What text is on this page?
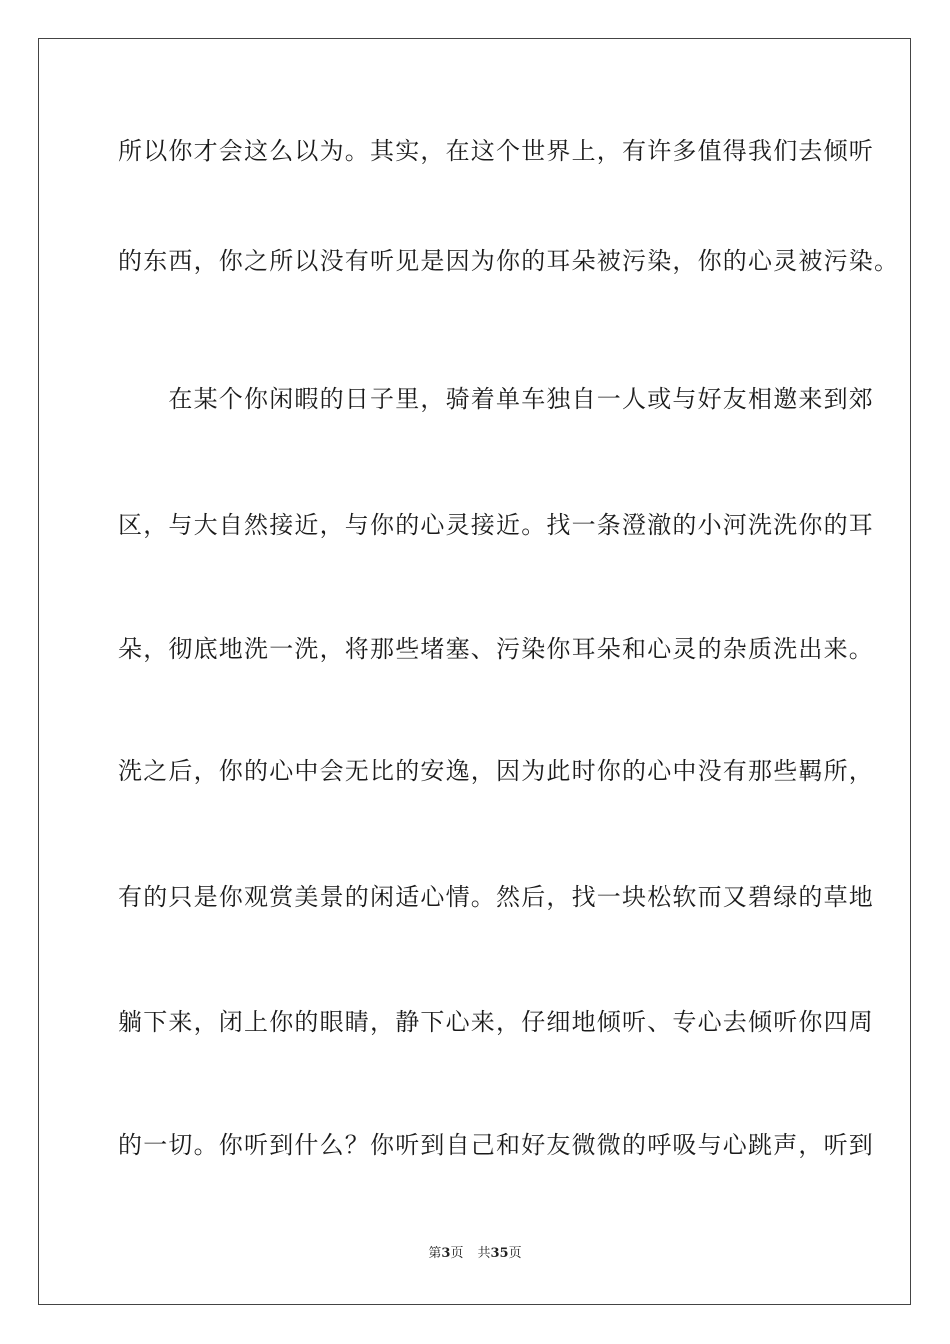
所以你才会这么以为。其实，在这个世界上，有许多值得我们去倾听
的东西，你之所以没有听见是因为你的耳朵被污染，你的心灵被污染。
　　在某个你闲暇的日子里，骑着单车独自一人或与好友相邀来到郊
区，与大自然接近，与你的心灵接近。找一条澄澈的小河洗洗你的耳
朵，彻底地洗一洗，将那些堵塞、污染你耳朵和心灵的杂质洗出来。
洗之后，你的心中会无比的安逸，因为此时你的心中没有那些羁所，
有的只是你观赏美景的闲适心情。然后，找一块松软而又碧绿的草地
躺下来，闭上你的眼睛，静下心来，仔细地倾听、专心去倾听你四周
的一切。你听到什么？你听到自己和好友微微的呼吸与心跳声，听到
第3页 共35页
